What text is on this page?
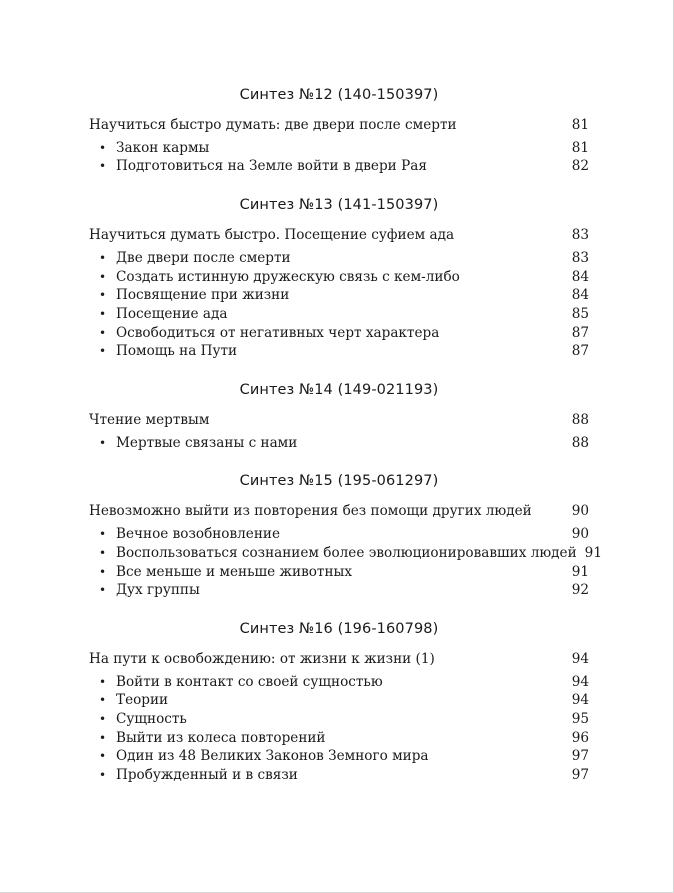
Синтез №12 (140-150397)
Научиться быстро думать: две двери после смерти	81
• Закон кармы	81
• Подготовиться на Земле войти в двери Рая	82
Синтез №13 (141-150397)
Научиться думать быстро. Посещение суфием ада	83
• Две двери после смерти	83
• Создать истинную дружескую связь с кем-либо	84
• Посвящение при жизни	84
• Посещение ада	85
• Освободиться от негативных черт характера	87
• Помощь на Пути	87
Синтез №14 (149-021193)
Чтение мертвым	88
• Мертвые связаны с нами	88
Синтез №15 (195-061297)
Невозможно выйти из повторения без помощи других людей	90
• Вечное возобновление	90
• Воспользоваться сознанием более эволюционировавших людей 91
• Все меньше и меньше животных	91
• Дух группы	92
Синтез №16 (196-160798)
На пути к освобождению: от жизни к жизни (1)	94
• Войти в контакт со своей сущностью	94
• Теории	94
• Сущность	95
• Выйти из колеса повторений	96
• Один из 48 Великих Законов Земного мира	97
• Пробужденный и в связи	97
